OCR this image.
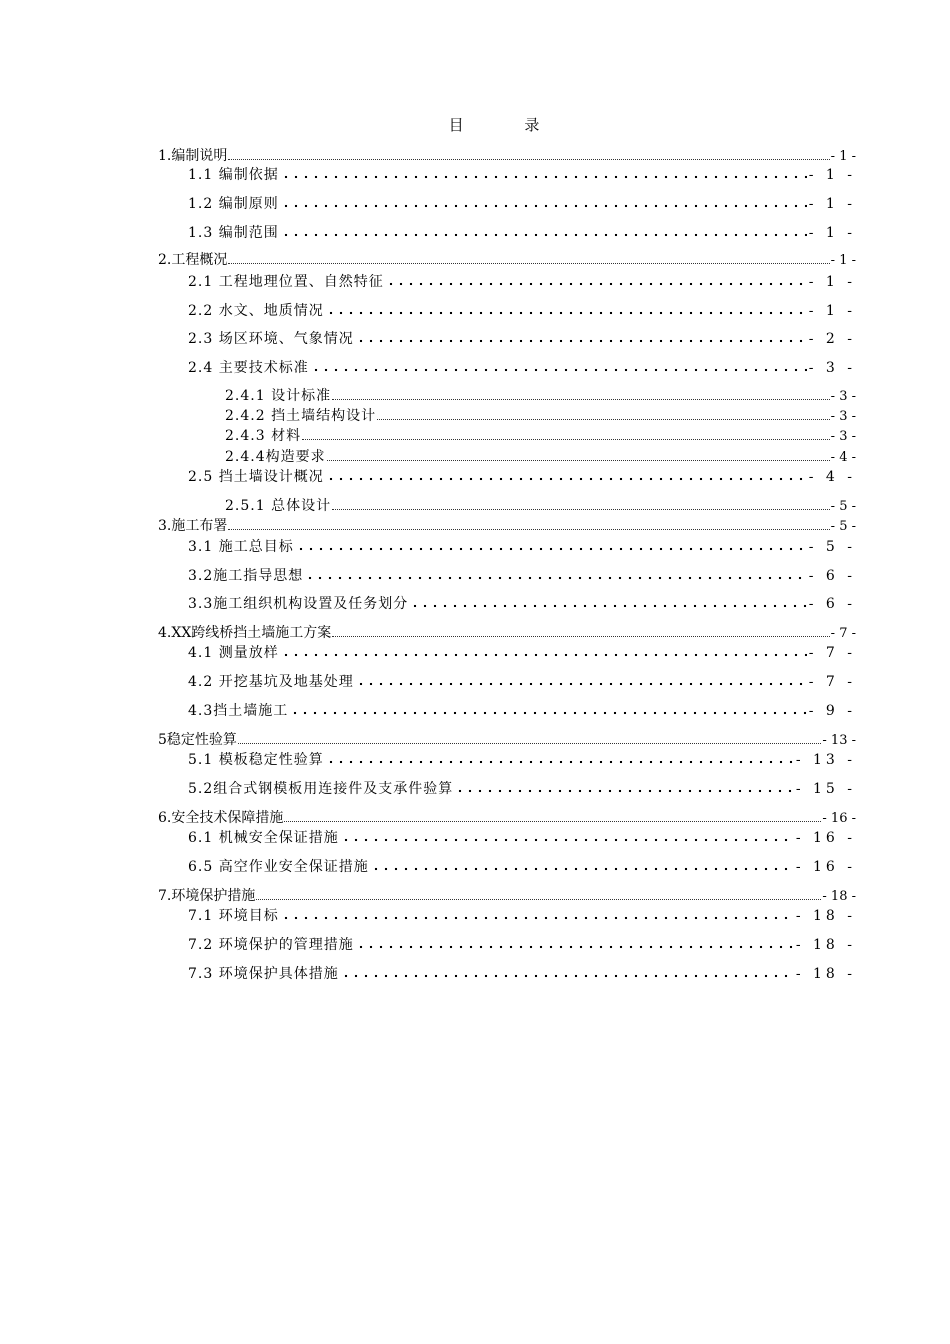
目 录
1.编制说明	- 1 -
1.1 编制依据	- 1 -
1.2 编制原则	- 1 -
1.3 编制范围	- 1 -
2.工程概况	- 1 -
2.1 工程地理位置、自然特征	- 1 -
2.2 水文、地质情况	- 1 -
2.3 场区环境、气象情况	- 2 -
2.4 主要技术标准	- 3 -
2.4.1 设计标准	- 3 -
2.4.2 挡土墙结构设计	- 3 -
2.4.3 材料	- 3 -
2.4.4构造要求	- 4 -
2.5 挡土墙设计概况	- 4 -
2.5.1 总体设计	- 5 -
3.施工布署	- 5 -
3.1 施工总目标	- 5 -
3.2施工指导思想	- 6 -
3.3施工组织机构设置及任务划分	- 6 -
4.XX跨线桥挡土墙施工方案	- 7 -
4.1 测量放样	- 7 -
4.2 开挖基坑及地基处理	- 7 -
4.3挡土墙施工	- 9 -
5稳定性验算	- 13 -
5.1 模板稳定性验算	- 13 -
5.2组合式钢模板用连接件及支承件验算	- 15 -
6.安全技术保障措施	- 16 -
6.1 机械安全保证措施	- 16 -
6.5 高空作业安全保证措施	- 16 -
7.环境保护措施	- 18 -
7.1 环境目标	- 18 -
7.2 环境保护的管理措施	- 18 -
7.3 环境保护具体措施	- 18 -
